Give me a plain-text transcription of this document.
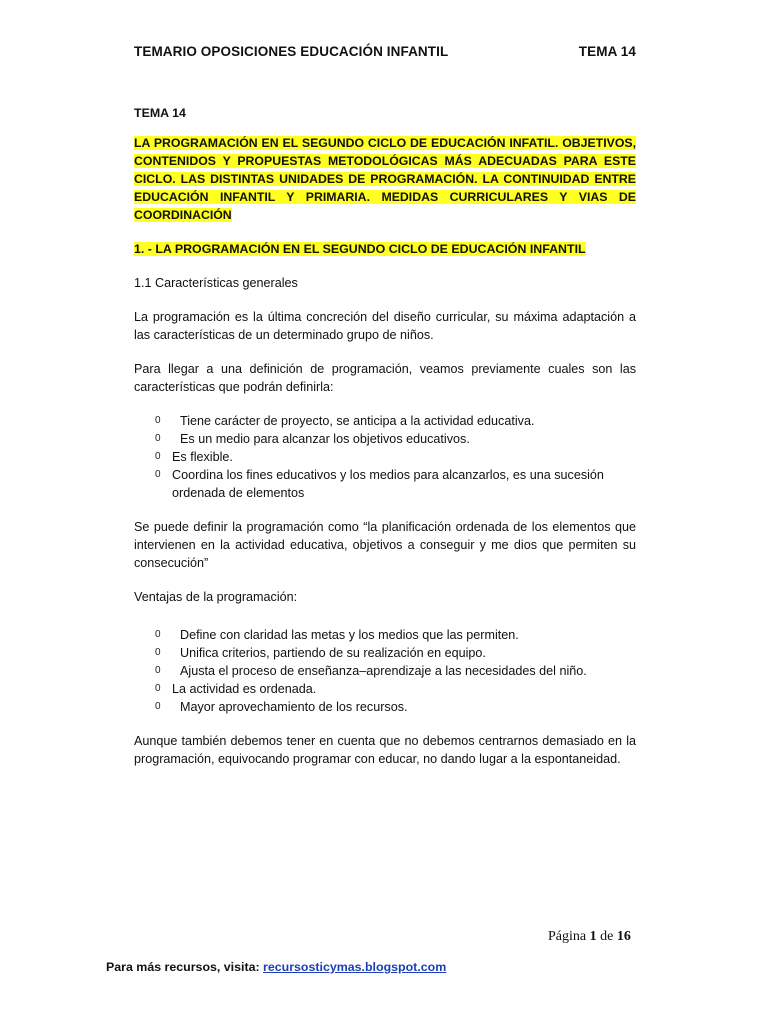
TEMARIO OPOSICIONES EDUCACIÓN INFANTIL	TEMA 14
TEMA 14
LA PROGRAMACIÓN EN EL SEGUNDO CICLO DE EDUCACIÓN INFATIL. OBJETIVOS, CONTENIDOS Y PROPUESTAS METODOLÓGICAS MÁS ADECUADAS PARA ESTE CICLO. LAS DISTINTAS UNIDADES DE PROGRAMACIÓN. LA CONTINUIDAD ENTRE EDUCACIÓN INFANTIL Y PRIMARIA. MEDIDAS CURRICULARES Y VIAS DE COORDINACIÓN
1. - LA PROGRAMACIÓN EN EL SEGUNDO CICLO DE EDUCACIÓN INFANTIL
1.1 Características generales

La programación es la última concreción del diseño curricular, su máxima adaptación a las características de un determinado grupo de niños.

Para llegar a una definición de programación, veamos previamente cuales son las características que podrán definirla:

0 Tiene carácter de proyecto, se anticipa a la actividad educativa.
0 Es un medio para alcanzar los objetivos educativos.
0 Es flexible.
0 Coordina los fines educativos y los medios para alcanzarlos, es una sucesión ordenada de elementos

Se puede definir la programación como “la planificación ordenada de los elementos que intervienen en la actividad educativa, objetivos a conseguir y me dios que permiten su consecución”

Ventajas de la programación:
0 Define con claridad las metas y los medios que las permiten.
0 Unifica criterios, partiendo de su realización en equipo.
0 Ajusta el proceso de enseñanza–aprendizaje a las necesidades del niño.
0 La actividad es ordenada.
0 Mayor aprovechamiento de los recursos.

Aunque también debemos tener en cuenta que no debemos centrarnos demasiado en la programación, equivocando programar con educar, no dando lugar a la espontaneidad.

Página 1 de 16
Para más recursos, visita: recursosticymas.blogspot.com
